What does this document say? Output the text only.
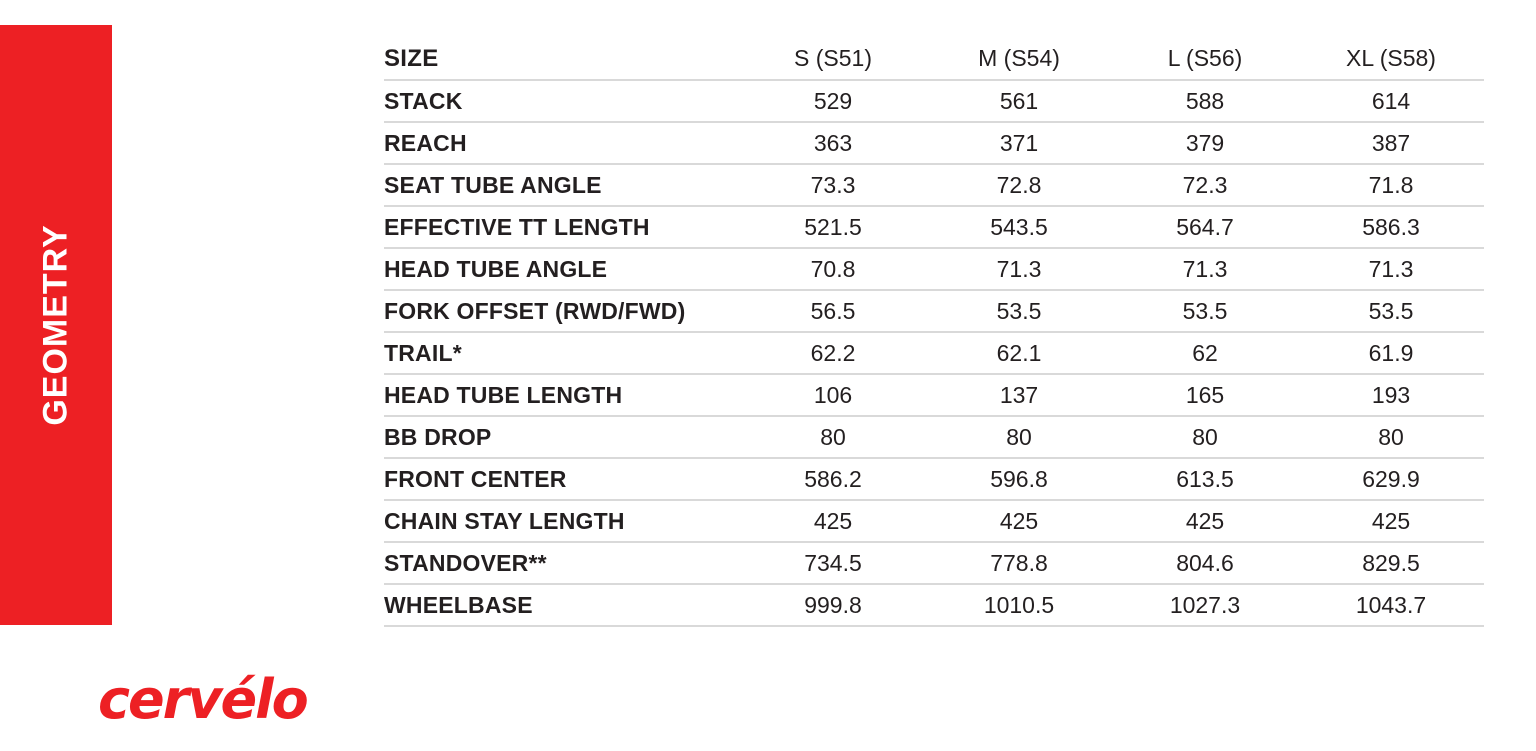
GEOMETRY
SIZE	S (S51)	M (S54)	L (S56)	XL (S58)
STACK	529	561	588	614
REACH	363	371	379	387
SEAT TUBE ANGLE	73.3	72.8	72.3	71.8
EFFECTIVE TT LENGTH	521.5	543.5	564.7	586.3
HEAD TUBE ANGLE	70.8	71.3	71.3	71.3
FORK OFFSET (RWD/FWD)	56.5	53.5	53.5	53.5
TRAIL*	62.2	62.1	62	61.9
HEAD TUBE LENGTH	106	137	165	193
BB DROP	80	80	80	80
FRONT CENTER	586.2	596.8	613.5	629.9
CHAIN STAY LENGTH	425	425	425	425
STANDOVER**	734.5	778.8	804.6	829.5
WHEELBASE	999.8	1010.5	1027.3	1043.7
cervélo
